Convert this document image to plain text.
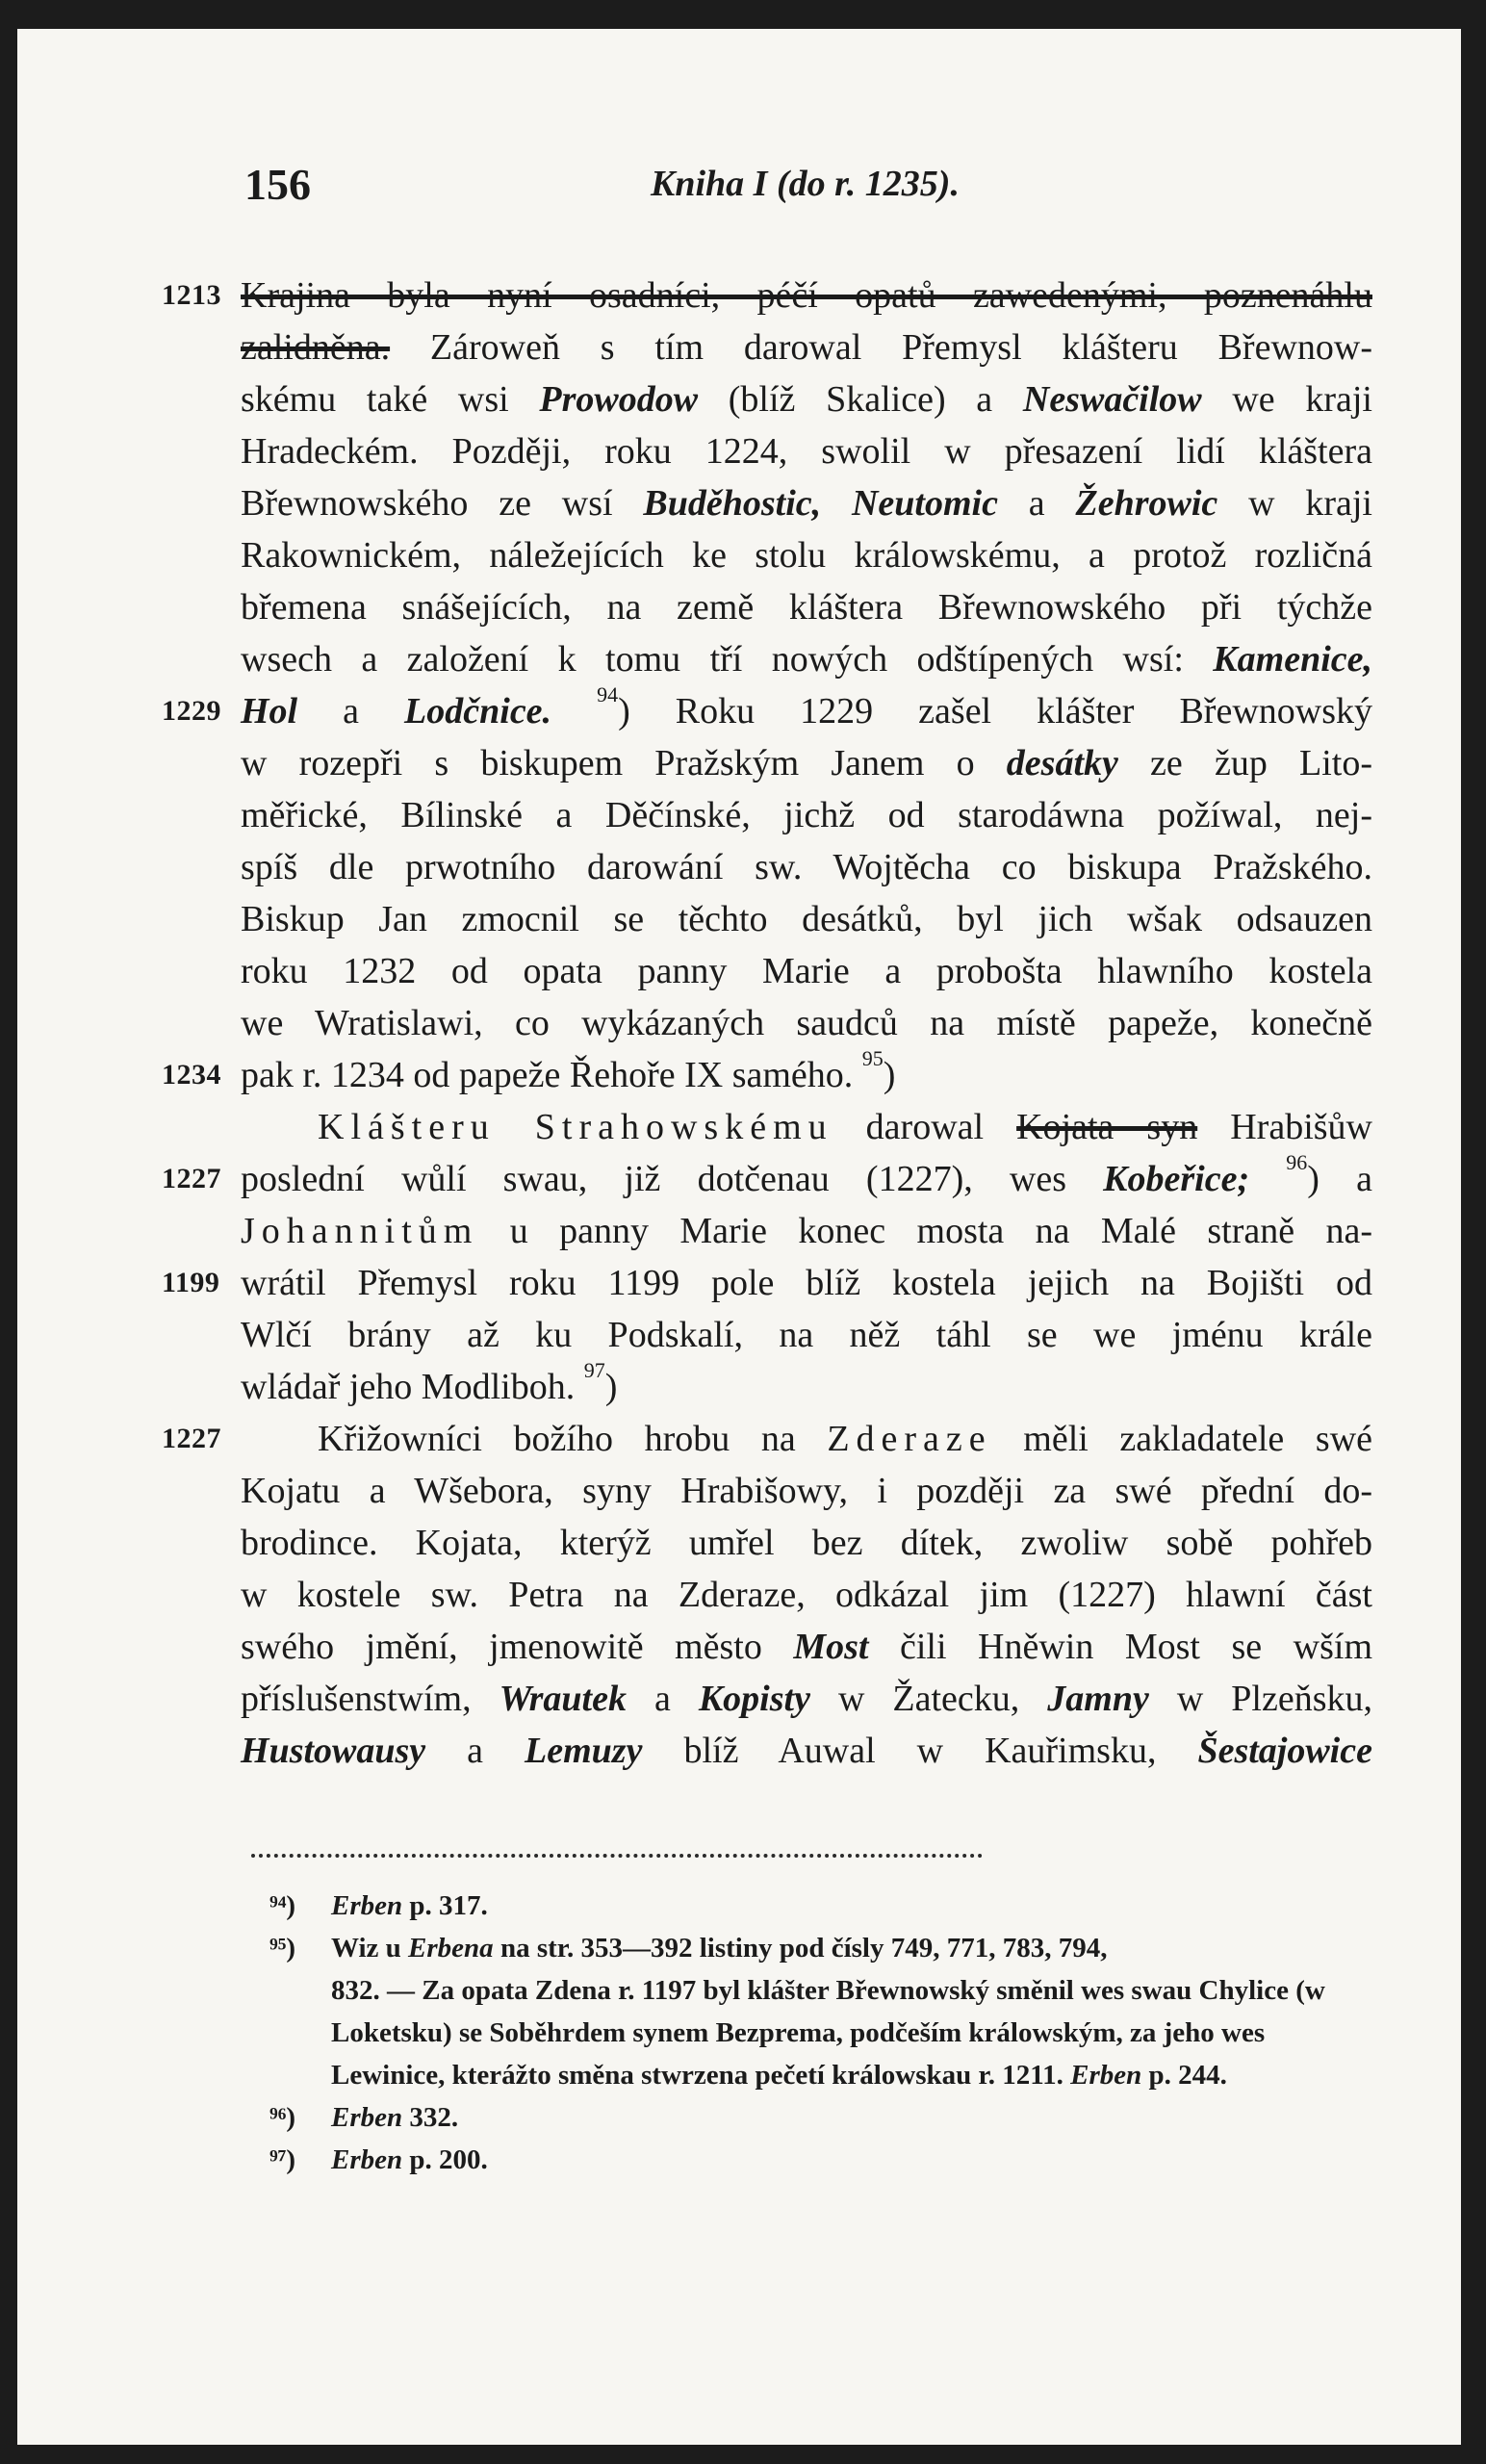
156	Kniha I (do r. 1235).
Krajina byla nyní osadníci, péčí opatů zawedenými, poznenáhlu
1213
zalidněna. Zároweň s tím darowal Přemysl klášteru Břewnow-
skému také wsi Prowodow (blíž Skalice) a Neswačilow we kraji
Hradeckém. Později, roku 1224, swolil w přesazení lidí kláštera
Břewnowského ze wsí Buděhostic, Neutomic a Žehrowic w kraji
Rakownickém, náležejících ke stolu králowskému, a protož rozličná
břemena snášejících, na země kláštera Břewnowského při týchže
wsech a založení k tomu tří nowých odštípených wsí: Kamenice,
Hol a Lodčnice. $^{94}$) Roku 1229 zašel klášter Břewnowský
1229
w rozepři s biskupem Pražským Janem o desátky ze žup Lito-
měřické, Bílinské a Děčínské, jichž od starodáwna požíwal, nej-
spíš dle prwotního darowání sw. Wojtěcha co biskupa Pražského.
Biskup Jan zmocnil se těchto desátků, byl jich wšak odsauzen
roku 1232 od opata panny Marie a probošta hlawního kostela
we Wratislawi, co wykázaných saudců na místě papeže, konečně
pak r. 1234 od papeže Řehoře IX samého. $^{95}$)
1234
Klášteru Strahowskému darowal Kojata syn Hrabišůw
poslední wůlí swau, již dotčenau (1227), wes Kobeřice; $^{96}$) a
1227
Johannitům u panny Marie konec mosta na Malé straně na-
wrátil Přemysl roku 1199 pole blíž kostela jejich na Bojišti od
1199
Wlčí brány až ku Podskalí, na něž táhl se we jménu krále
wládař jeho Modliboh. $^{97}$)
Křižowníci božího hrobu na Zderaze měli zakladatele swé
1227
Kojatu a Wšebora, syny Hrabišowy, i později za swé přední do-
brodince. Kojata, kterýž umřel bez dítek, zwoliw sobě pohřeb
w kostele sw. Petra na Zderaze, odkázal jim (1227) hlawní část
swého jmění, jmenowitě město Most čili Hněwin Most se wším
příslušenstwím, Wrautek a Kopisty w Žatecku, Jamny w Plzeňsku,
Hustowausy a Lemuzy blíž Auwal w Kauřimsku, Šestajowice
⁹⁴) Erben p. 317.
⁹⁵) Wiz u Erbena na str. 353—392 listiny pod čísly 749, 771, 783, 794,
832. — Za opata Zdena r. 1197 byl klášter Břewnowský směnil wes swau Chylice (w Loketsku) se Soběhrdem synem Bezprema, podčeším králowským, za jeho wes Lewinice, kterážto směna stwrzena pečetí králowskau r. 1211. Erben p. 244.
⁹⁶) Erben 332.
⁹⁷) Erben p. 200.
